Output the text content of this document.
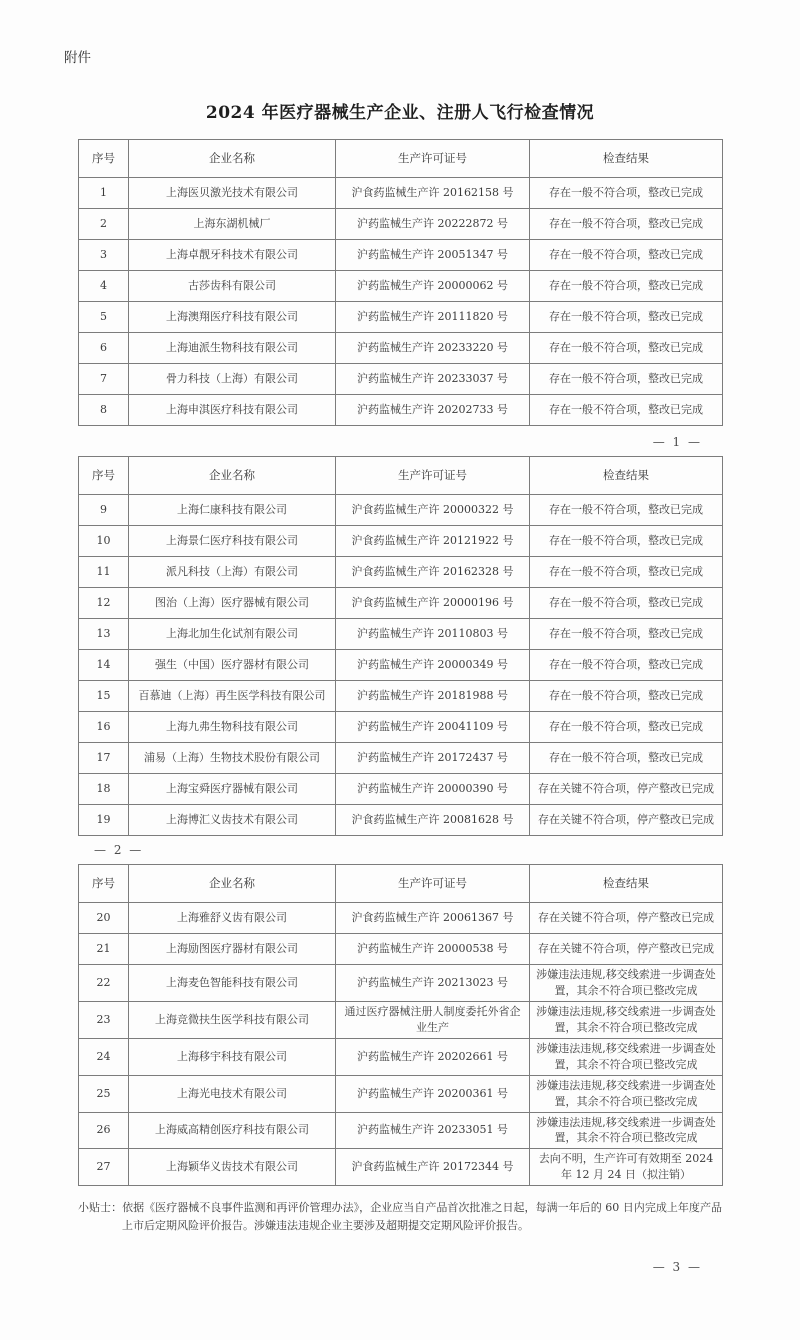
附件
2024 年医疗器械生产企业、注册人飞行检查情况
序号	企业名称	生产许可证号	检查结果
1	上海医贝激光技术有限公司	沪食药监械生产许 20162158 号	存在一般不符合项，整改已完成
2	上海东湖机械厂	沪药监械生产许 20222872 号	存在一般不符合项，整改已完成
3	上海卓靓牙科技术有限公司	沪药监械生产许 20051347 号	存在一般不符合项，整改已完成
4	古莎齿科有限公司	沪药监械生产许 20000062 号	存在一般不符合项，整改已完成
5	上海澳翔医疗科技有限公司	沪药监械生产许 20111820 号	存在一般不符合项，整改已完成
6	上海迪派生物科技有限公司	沪药监械生产许 20233220 号	存在一般不符合项，整改已完成
7	骨力科技（上海）有限公司	沪药监械生产许 20233037 号	存在一般不符合项，整改已完成
8	上海申淇医疗科技有限公司	沪药监械生产许 20202733 号	存在一般不符合项，整改已完成
— 1 —
序号	企业名称	生产许可证号	检查结果
9	上海仁康科技有限公司	沪食药监械生产许 20000322 号	存在一般不符合项，整改已完成
10	上海景仁医疗科技有限公司	沪食药监械生产许 20121922 号	存在一般不符合项，整改已完成
11	派凡科技（上海）有限公司	沪食药监械生产许 20162328 号	存在一般不符合项，整改已完成
12	图治（上海）医疗器械有限公司	沪食药监械生产许 20000196 号	存在一般不符合项，整改已完成
13	上海北加生化试剂有限公司	沪药监械生产许 20110803 号	存在一般不符合项，整改已完成
14	强生（中国）医疗器材有限公司	沪药监械生产许 20000349 号	存在一般不符合项，整改已完成
15	百慕迪（上海）再生医学科技有限公司	沪药监械生产许 20181988 号	存在一般不符合项，整改已完成
16	上海九弗生物科技有限公司	沪药监械生产许 20041109 号	存在一般不符合项，整改已完成
17	浦易（上海）生物技术股份有限公司	沪药监械生产许 20172437 号	存在一般不符合项，整改已完成
18	上海宝舜医疗器械有限公司	沪药监械生产许 20000390 号	存在关键不符合项，停产整改已完成
19	上海博汇义齿技术有限公司	沪食药监械生产许 20081628 号	存在关键不符合项，停产整改已完成
— 2 —
序号	企业名称	生产许可证号	检查结果
20	上海雅舒义齿有限公司	沪食药监械生产许 20061367 号	存在关键不符合项，停产整改已完成
21	上海励图医疗器材有限公司	沪药监械生产许 20000538 号	存在关键不符合项，停产整改已完成
22	上海麦色智能科技有限公司	沪药监械生产许 20213023 号	涉嫌违法违规,移交线索进一步调查处置，其余不符合项已整改完成
23	上海竞微扶生医学科技有限公司	通过医疗器械注册人制度委托外省企业生产	涉嫌违法违规,移交线索进一步调查处置，其余不符合项已整改完成
24	上海移宇科技有限公司	沪药监械生产许 20202661 号	涉嫌违法违规,移交线索进一步调查处置，其余不符合项已整改完成
25	上海光电技术有限公司	沪药监械生产许 20200361 号	涉嫌违法违规,移交线索进一步调查处置，其余不符合项已整改完成
26	上海威高精创医疗科技有限公司	沪药监械生产许 20233051 号	涉嫌违法违规,移交线索进一步调查处置，其余不符合项已整改完成
27	上海颖华义齿技术有限公司	沪食药监械生产许 20172344 号	去向不明，生产许可有效期至 2024 年 12 月 24 日（拟注销）
小贴士：依据《医疗器械不良事件监测和再评价管理办法》，企业应当自产品首次批准之日起，每满一年后的 60 日内完成上年度产品上市后定期风险评价报告。涉嫌违法违规企业主要涉及超期提交定期风险评价报告。
— 3 —
